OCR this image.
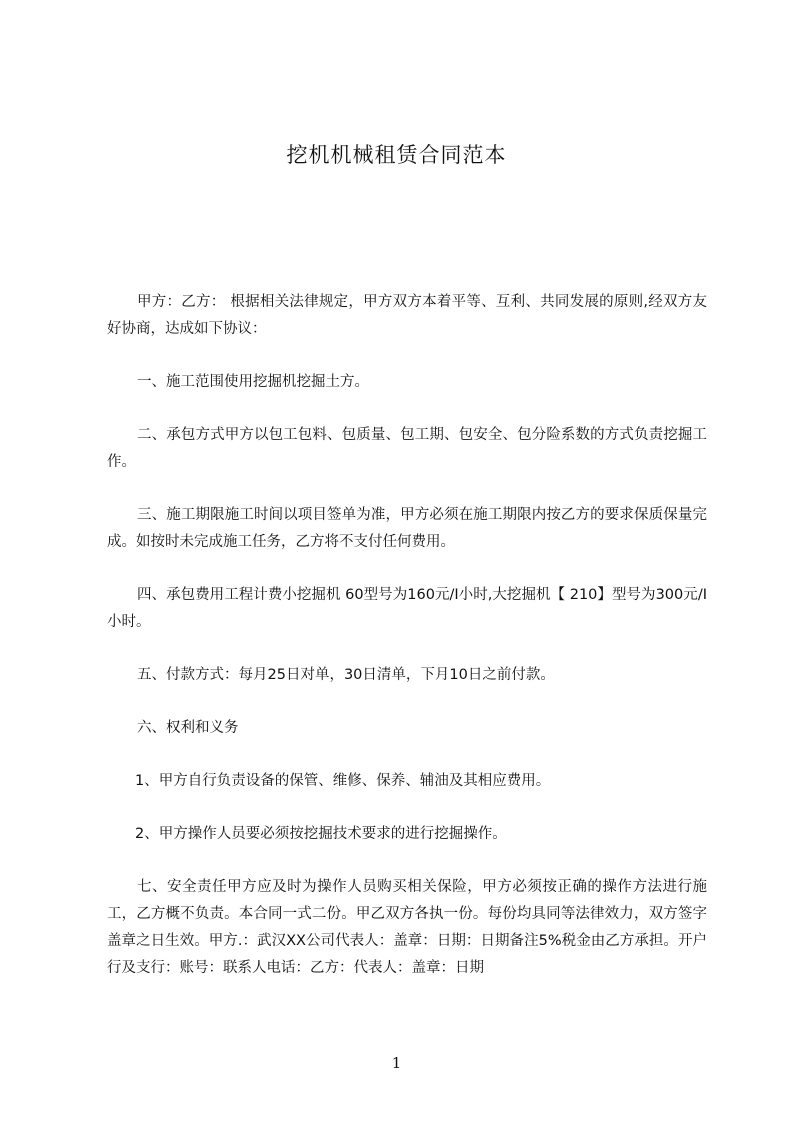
挖机机械租赁合同范本

甲方：乙方： 根据相关法律规定，甲方双方本着平等、互利、共同发展的原则,经双方友好协商，达成如下协议：

一、施工范围使用挖掘机挖掘土方。

二、承包方式甲方以包工包料、包质量、包工期、包安全、包分险系数的方式负责挖掘工作。

三、施工期限施工时间以项目签单为准，甲方必须在施工期限内按乙方的要求保质保量完成。如按时未完成施工任务，乙方将不支付任何费用。

四、承包费用工程计费小挖掘机 60型号为160元/I小时,大挖掘机【 210】型号为300元/I小时。

五、付款方式：每月25日对单，30日清单，下月10日之前付款。

六、权利和义务

1、甲方自行负责设备的保管、维修、保养、辅油及其相应费用。

2、甲方操作人员要必须按挖掘技术要求的进行挖掘操作。

七、安全责任甲方应及时为操作人员购买相关保险，甲方必须按正确的操作方法进行施工，乙方概不负责。本合同一式二份。甲乙双方各执一份。每份均具同等法律效力，双方签字盖章之日生效。甲方.：武汉XX公司代表人：盖章：日期：日期备注5%税金由乙方承担。开户行及支行：账号：联系人电话：乙方：代表人：盖章：日期

1
